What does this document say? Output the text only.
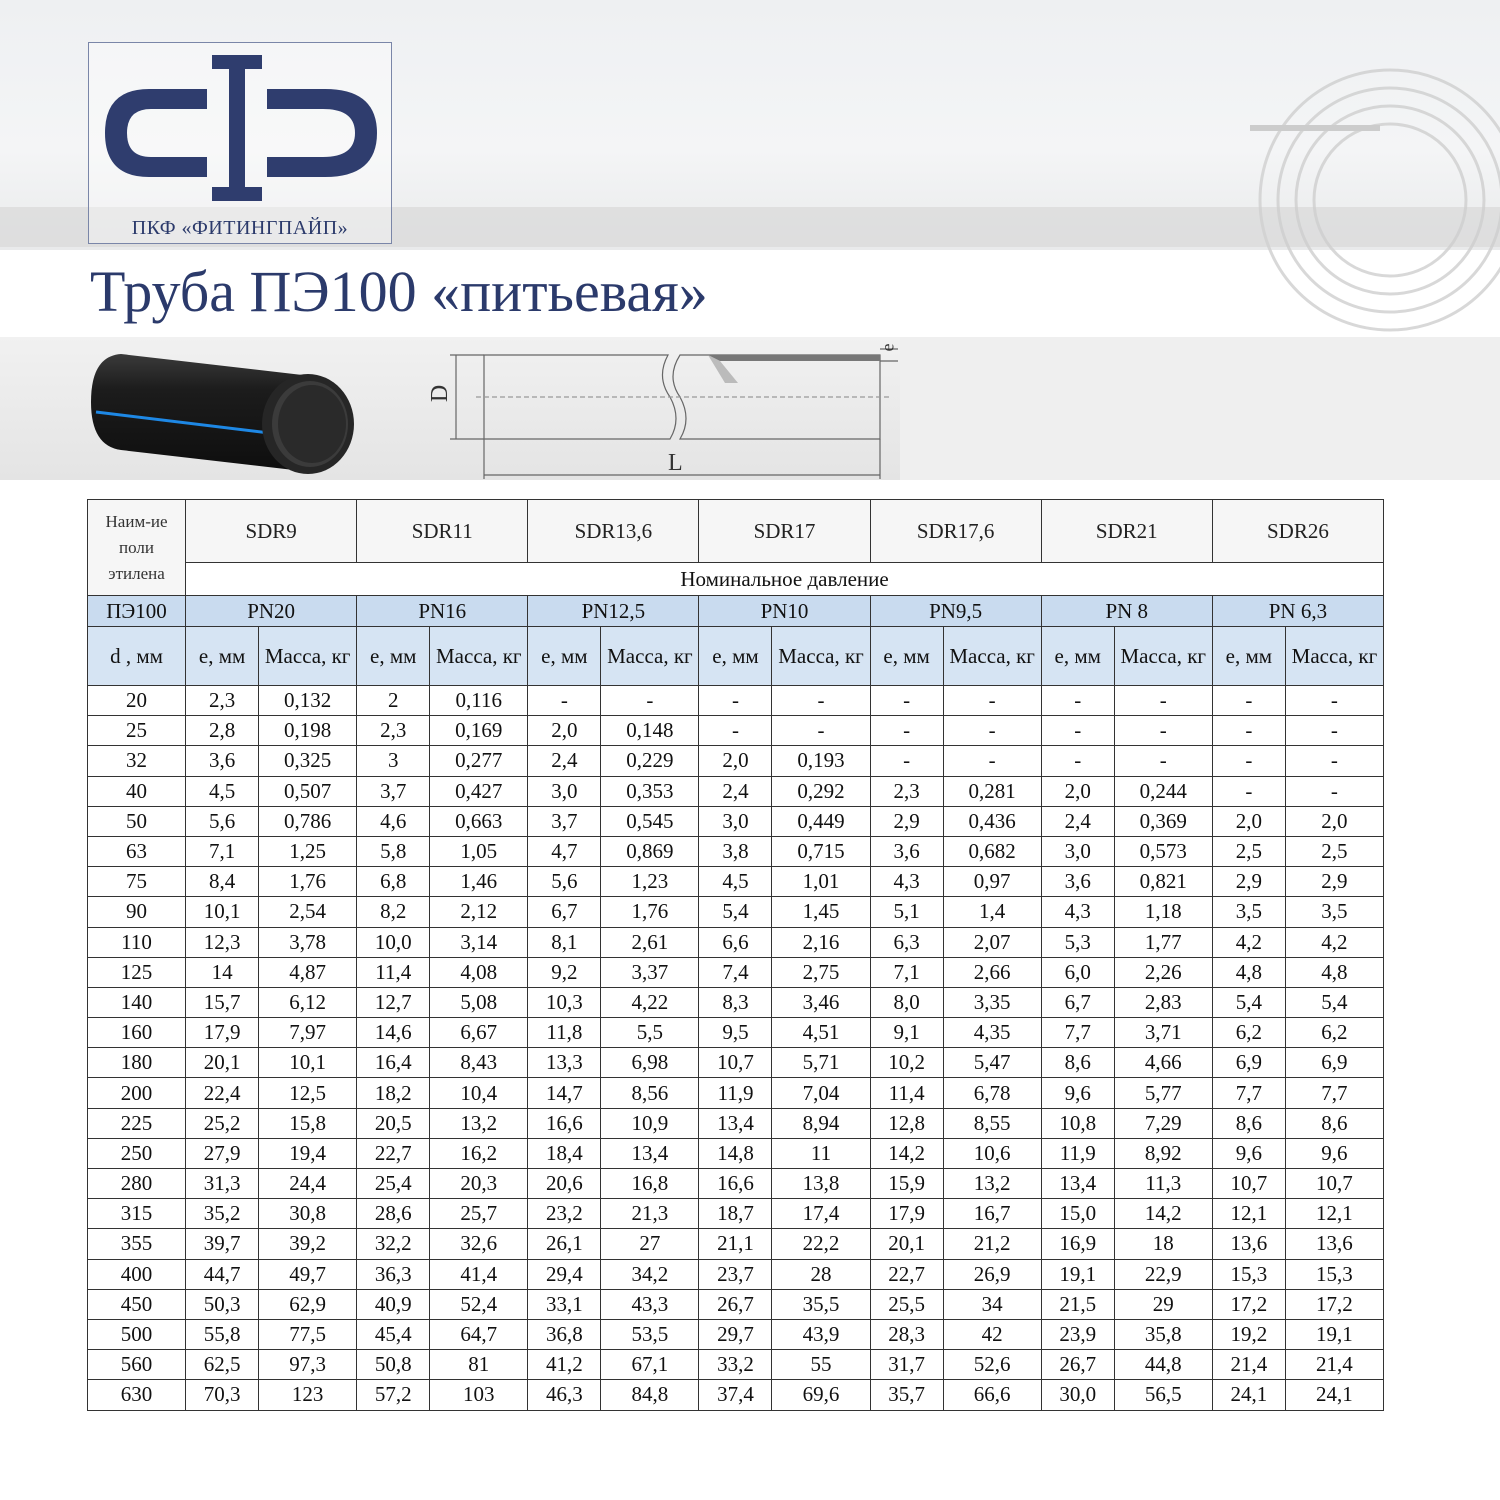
ПКФ «ФИТИНГПАЙП»
Труба ПЭ100 «питьевая»
D
L
e
Наим-ие поли этилена	SDR9		SDR11		SDR13,6		SDR17		SDR17,6		SDR21		SDR26	
	Номинальное давление													
ПЭ100	PN20		PN16		PN12,5		PN10		PN9,5		PN 8		PN 6,3	
d , мм	e, мм	Масса, кг	e, мм	Масса, кг	e, мм	Масса, кг	e, мм	Масса, кг	e, мм	Масса, кг	e, мм	Масса, кг	e, мм	Масса, кг
20	2,3	0,132	2	0,116	-	-	-	-	-	-	-	-	-	-
25	2,8	0,198	2,3	0,169	2,0	0,148	-	-	-	-	-	-	-	-
32	3,6	0,325	3	0,277	2,4	0,229	2,0	0,193	-	-	-	-	-	-
40	4,5	0,507	3,7	0,427	3,0	0,353	2,4	0,292	2,3	0,281	2,0	0,244	-	-
50	5,6	0,786	4,6	0,663	3,7	0,545	3,0	0,449	2,9	0,436	2,4	0,369	2,0	2,0
63	7,1	1,25	5,8	1,05	4,7	0,869	3,8	0,715	3,6	0,682	3,0	0,573	2,5	2,5
75	8,4	1,76	6,8	1,46	5,6	1,23	4,5	1,01	4,3	0,97	3,6	0,821	2,9	2,9
90	10,1	2,54	8,2	2,12	6,7	1,76	5,4	1,45	5,1	1,4	4,3	1,18	3,5	3,5
110	12,3	3,78	10,0	3,14	8,1	2,61	6,6	2,16	6,3	2,07	5,3	1,77	4,2	4,2
125	14	4,87	11,4	4,08	9,2	3,37	7,4	2,75	7,1	2,66	6,0	2,26	4,8	4,8
140	15,7	6,12	12,7	5,08	10,3	4,22	8,3	3,46	8,0	3,35	6,7	2,83	5,4	5,4
160	17,9	7,97	14,6	6,67	11,8	5,5	9,5	4,51	9,1	4,35	7,7	3,71	6,2	6,2
180	20,1	10,1	16,4	8,43	13,3	6,98	10,7	5,71	10,2	5,47	8,6	4,66	6,9	6,9
200	22,4	12,5	18,2	10,4	14,7	8,56	11,9	7,04	11,4	6,78	9,6	5,77	7,7	7,7
225	25,2	15,8	20,5	13,2	16,6	10,9	13,4	8,94	12,8	8,55	10,8	7,29	8,6	8,6
250	27,9	19,4	22,7	16,2	18,4	13,4	14,8	11	14,2	10,6	11,9	8,92	9,6	9,6
280	31,3	24,4	25,4	20,3	20,6	16,8	16,6	13,8	15,9	13,2	13,4	11,3	10,7	10,7
315	35,2	30,8	28,6	25,7	23,2	21,3	18,7	17,4	17,9	16,7	15,0	14,2	12,1	12,1
355	39,7	39,2	32,2	32,6	26,1	27	21,1	22,2	20,1	21,2	16,9	18	13,6	13,6
400	44,7	49,7	36,3	41,4	29,4	34,2	23,7	28	22,7	26,9	19,1	22,9	15,3	15,3
450	50,3	62,9	40,9	52,4	33,1	43,3	26,7	35,5	25,5	34	21,5	29	17,2	17,2
500	55,8	77,5	45,4	64,7	36,8	53,5	29,7	43,9	28,3	42	23,9	35,8	19,2	19,1
560	62,5	97,3	50,8	81	41,2	67,1	33,2	55	31,7	52,6	26,7	44,8	21,4	21,4
630	70,3	123	57,2	103	46,3	84,8	37,4	69,6	35,7	66,6	30,0	56,5	24,1	24,1
